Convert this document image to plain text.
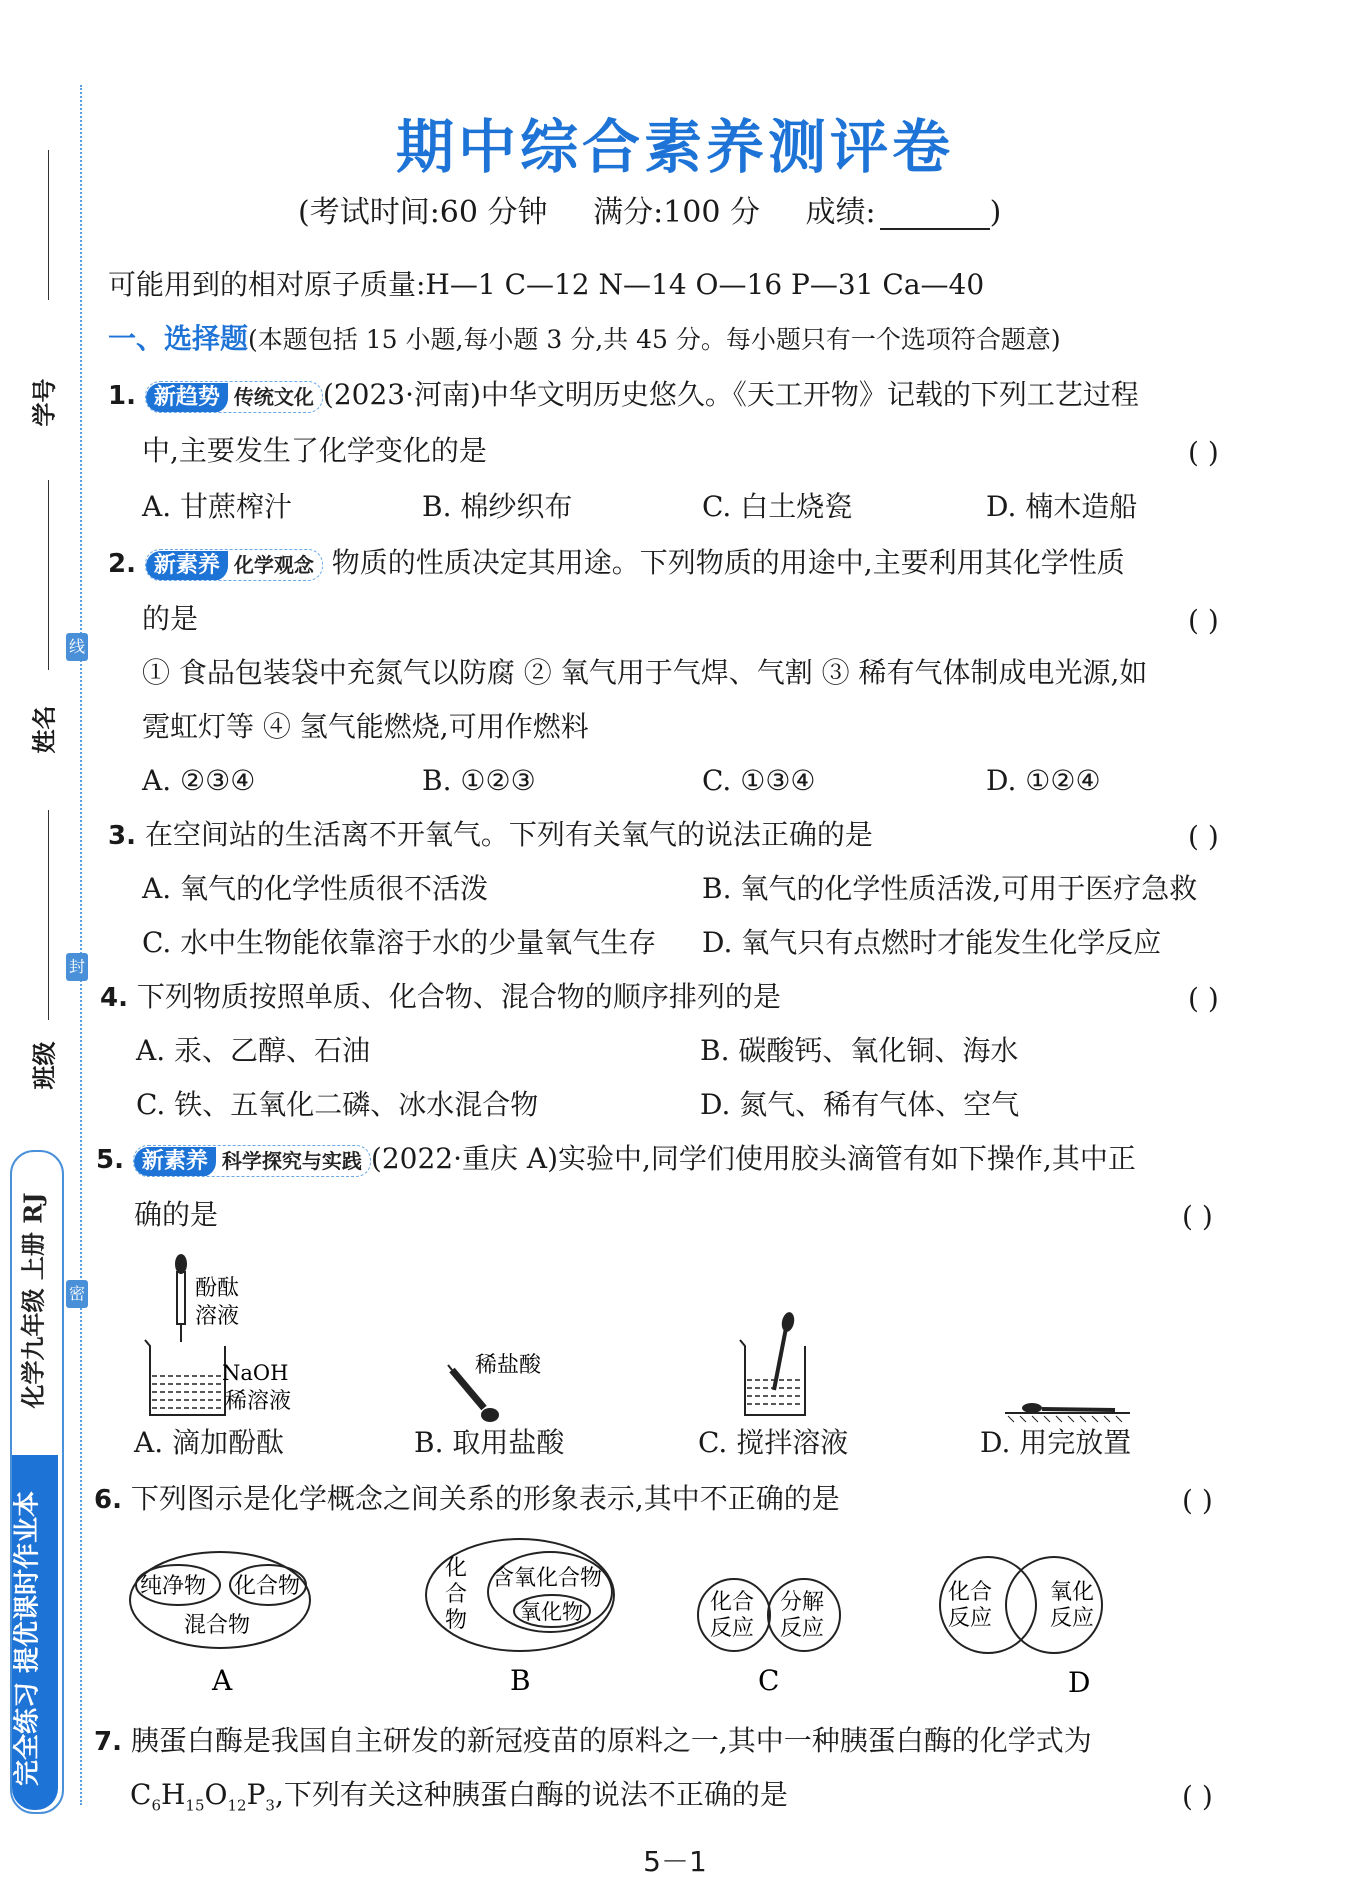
学号
线
姓名
封
班级
化学九年级 上册 RJ 密
完全练习 提优课时作业本
期中综合素养测评卷
(考试时间:60 分钟 满分:100 分 成绩:	)
可能用到的相对原子质量:H—1 C—12 N—14 O—16 P—31 Ca—40
一、选择题(本题包括 15 小题,每小题 3 分,共 45 分。每小题只有一个选项符合题意)
1. 新趋势 传统文化 (2023·河南)中华文明历史悠久。《天工开物》记载的下列工艺过程
中,主要发生了化学变化的是	( )
A. 甘蔗榨汁	B. 棉纱织布	C. 白土烧瓷	D. 楠木造船
2. 新素养 化学观念 物质的性质决定其用途。下列物质的用途中,主要利用其化学性质
的是	( )
① 食品包装袋中充氮气以防腐 ② 氧气用于气焊、气割 ③ 稀有气体制成电光源,如
霓虹灯等 ④ 氢气能燃烧,可用作燃料
A. ②③④	B. ①②③	C. ①③④	D. ①②④
3. 在空间站的生活离不开氧气。下列有关氧气的说法正确的是	( )
A. 氧气的化学性质很不活泼	B. 氧气的化学性质活泼,可用于医疗急救
C. 水中生物能依靠溶于水的少量氧气生存 D. 氧气只有点燃时才能发生化学反应
4. 下列物质按照单质、化合物、混合物的顺序排列的是	( )
A. 汞、乙醇、石油	B. 碳酸钙、氧化铜、海水
C. 铁、五氧化二磷、冰水混合物	D. 氮气、稀有气体、空气
5. 新素养 科学探究与实践 (2022·重庆 A)实验中,同学们使用胶头滴管有如下操作,其中正
确的是	( )
酚酞
溶液
NaOH
稀溶液
稀盐酸
A. 滴加酚酞	B. 取用盐酸	C. 搅拌溶液	D. 用完放置
6. 下列图示是化学概念之间关系的形象表示,其中不正确的是	( )
纯净物 化合物
混合物
化
合
物
含氧化合物
氧化物	化合
反应
分解
反应
化合
反应
氧化
反应
A	B	C	D
7. 胰蛋白酶是我国自主研发的新冠疫苗的原料之一,其中一种胰蛋白酶的化学式为
$C_6H_{15}O_{12}P_3$,下列有关这种胰蛋白酶的说法不正确的是	( )
5－1
